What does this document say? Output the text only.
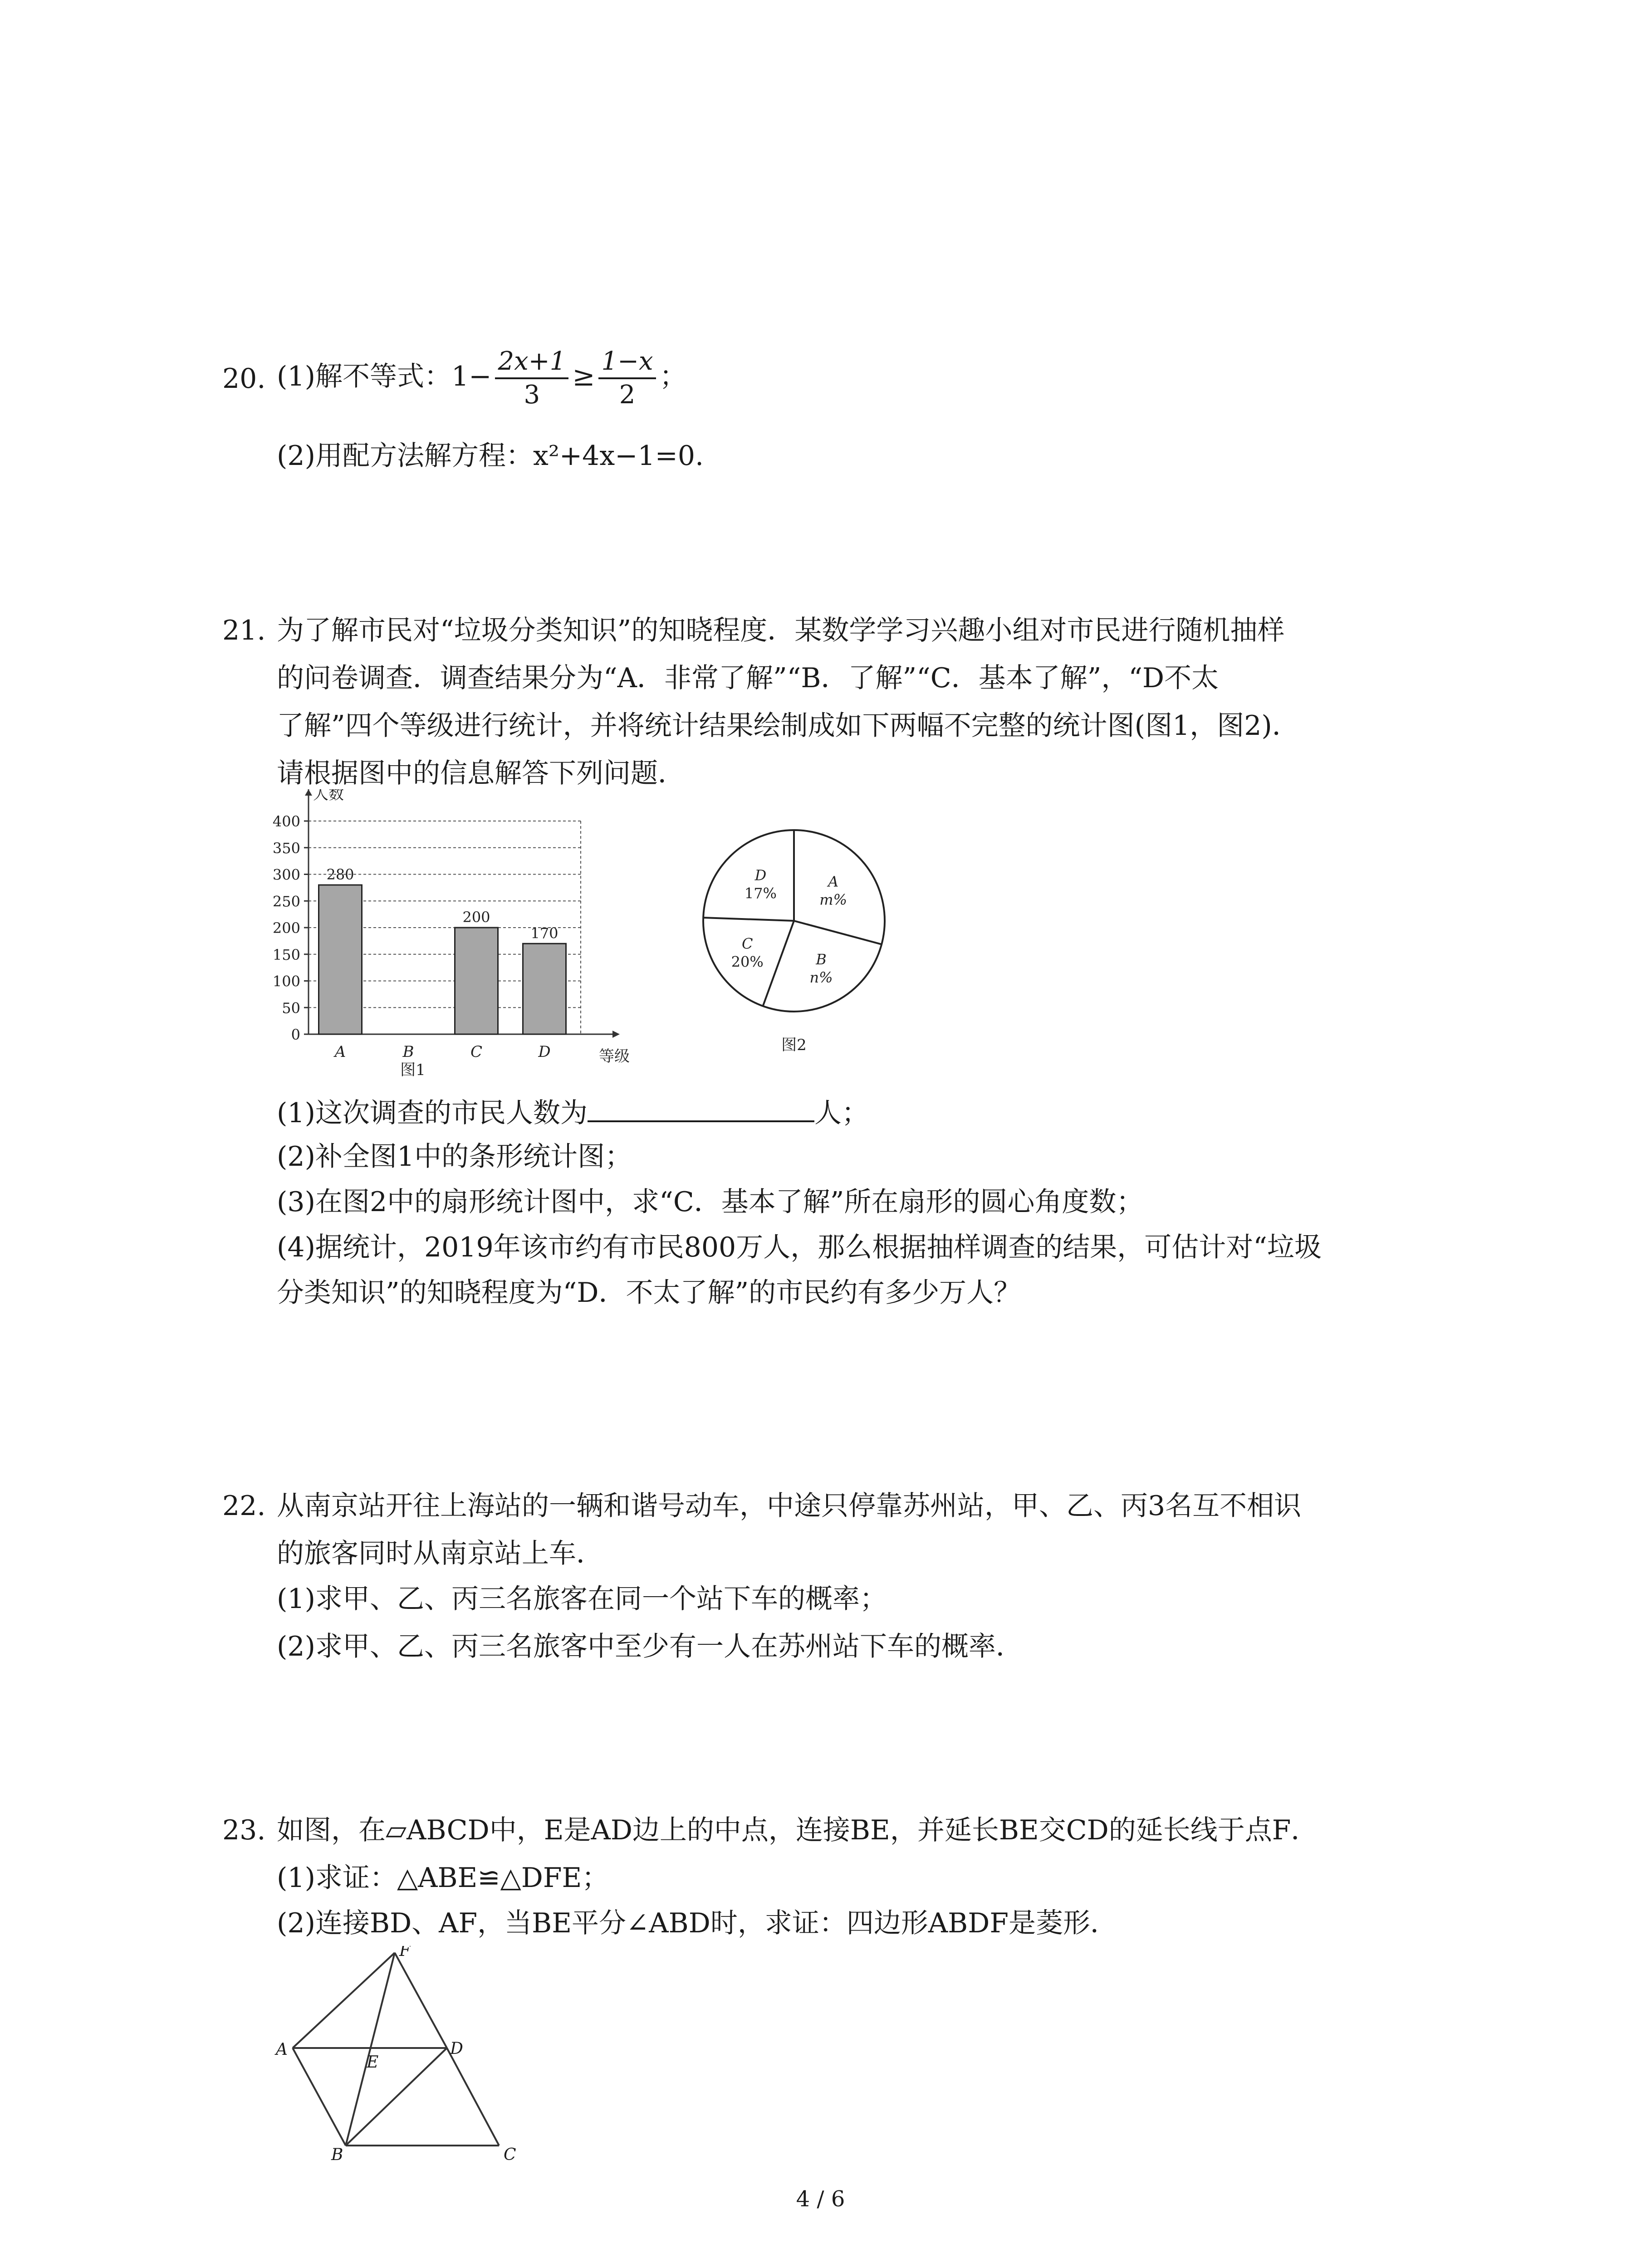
20. (1)解不等式：$1- \frac{2x+1}{3} \ge \frac{1-x}{2}$ ；
(2)用配方法解方程：x²+4x−1=0.
21. 为了解市民对“垃圾分类知识”的知晓程度．某数学学习兴趣小组对市民进行随机抽样
的问卷调查．调查结果分为“A．非常了解”“B．了解”“C．基本了解”，“D不太
了解”四个等级进行统计，并将统计结果绘制成如下两幅不完整的统计图(图1，图2)．
请根据图中的信息解答下列问题．
0
50
100
150
200
250
300
350
400
人数
等级
280
A	B
200
C
170
D
图1
A
m%
B
n%
C
20%
D
17%
图2
(1)这次调查的市民人数为	人；
(2)补全图1中的条形统计图；
(3)在图2中的扇形统计图中，求“C．基本了解”所在扇形的圆心角度数；
(4)据统计，2019年该市约有市民800万人，那么根据抽样调查的结果，可估计对“垃圾
分类知识”的知晓程度为“D．不太了解”的市民约有多少万人？
22. 从南京站开往上海站的一辆和谐号动车，中途只停靠苏州站，甲、乙、丙3名互不相识
的旅客同时从南京站上车．
(1)求甲、乙、丙三名旅客在同一个站下车的概率；
(2)求甲、乙、丙三名旅客中至少有一人在苏州站下车的概率．
23. 如图，在▱ABCD中，E是AD边上的中点，连接BE，并延长BE交CD的延长线于点F．
(1)求证：△ABE≌△DFE；
(2)连接BD、AF，当BE平分∠ABD时，求证：四边形ABDF是菱形．
F
A
E
D
B	C
4 / 6
